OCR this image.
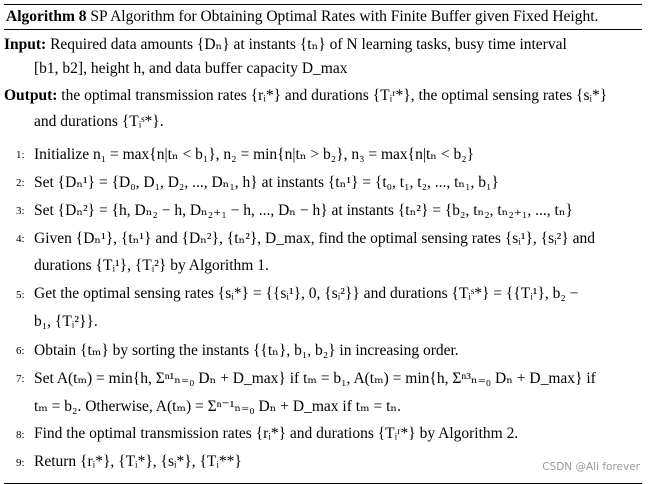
Algorithm 8 SP Algorithm for Obtaining Optimal Rates with Finite Buffer given Fixed Height.
Input: Required data amounts {Dₙ} at instants {tₙ} of N learning tasks, busy time interval
[b1, b2], height h, and data buffer capacity D_max
Output: the optimal transmission rates {rᵢ*} and durations {Tᵢʳ*}, the optimal sensing rates {sᵢ*}
and durations {Tᵢˢ*}.
1: Initialize n₁ = max{n|tₙ < b₁}, n₂ = min{n|tₙ > b₂}, n₃ = max{n|tₙ < b₂}
2: Set {Dₙ¹} = {D₀, D₁, D₂, ..., Dₙ₁, h} at instants {tₙ¹} = {t₀, t₁, t₂, ..., tₙ₁, b₁}
3: Set {Dₙ²} = {h, Dₙ₂ − h, Dₙ₂₊₁ − h, ..., Dₙ − h} at instants {tₙ²} = {b₂, tₙ₂, tₙ₂₊₁, ..., tₙ}
4: Given {Dₙ¹}, {tₙ¹} and {Dₙ²}, {tₙ²}, D_max, find the optimal sensing rates {sᵢ¹}, {sᵢ²} and
durations {Tᵢ¹}, {Tᵢ²} by Algorithm 1.
5: Get the optimal sensing rates {sᵢ*} = {{sᵢ¹}, 0, {sᵢ²}} and durations {Tᵢˢ*} = {{Tᵢ¹}, b₂ −
b₁, {Tᵢ²}}.
6: Obtain {tₘ} by sorting the instants {{tₙ}, b₁, b₂} in increasing order.
7: Set A(tₘ) = min{h, Σⁿ¹ₙ₌₀ Dₙ + D_max} if tₘ = b₁, A(tₘ) = min{h, Σⁿ³ₙ₌₀ Dₙ + D_max} if
tₘ = b₂. Otherwise, A(tₘ) = Σⁿ⁻¹ₙ₌₀ Dₙ + D_max if tₘ = tₙ.
8: Find the optimal transmission rates {rᵢ*} and durations {Tᵢʳ*} by Algorithm 2.
9: Return {rᵢ*}, {Tᵢ*}, {sᵢ*}, {Tᵢ**}	CSDN @Ali forever
